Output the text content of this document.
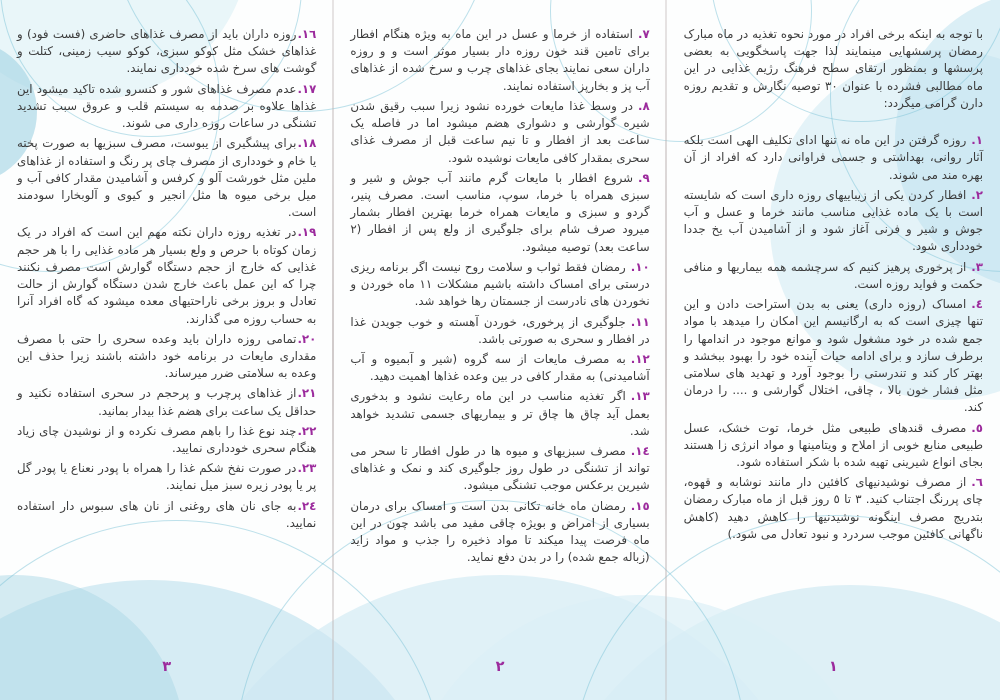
١٦.روزه داران باید از مصرف غذاهای حاضری (فست فود) و غذاهای خشک مثل کوکو سبزی، کوکو سیب زمینی، کتلت و گوشت های سرخ شده خودداری نمایند.

١٧.عدم مصرف غذاهای شور و کنسرو شده تاکید میشود این غذاها علاوه بر صدمه به سیستم قلب و عروق سبب تشدید تشنگی در ساعات روزه داری می شوند.

١٨.برای پیشگیری از یبوست، مصرف سبزیها به صورت پخته یا خام و خودداری از مصرف چای پر رنگ و استفاده از غذاهای ملین مثل خورشت آلو و کرفس و آشامیدن مقدار کافی آب و میل برخی میوه ها مثل انجیر و کیوی و آلوبخارا سودمند است.

١٩.در تغذیه روزه داران نکته مهم این است که افراد در یک زمان کوتاه با حرص و ولع بسیار هر ماده غذایی را با هر حجم غذایی که خارج از حجم دستگاه گوارش است مصرف نکنند چرا که این عمل باعث خارج شدن دستگاه گوارش از حالت تعادل و بروز برخی ناراحتیهای معده میشود که گاه افراد آنرا به حساب روزه می گذارند.

٢٠.تمامی روزه داران باید وعده سحری را حتی با مصرف مقداری مایعات در برنامه خود داشته باشند زیرا حذف این وعده به سلامتی ضرر میرساند.

٢١.از غذاهای پرچرب و پرحجم در سحری استفاده نکنید و حداقل یک ساعت برای هضم غذا بیدار بمانید.

٢٢.چند نوع غذا را باهم مصرف نکرده و از نوشیدن چای زیاد هنگام سحری خودداری نمایید.

٢٣.در صورت نفخ شکم غذا را همراه با پودر نعناع یا پودر گل پر یا پودر زیره سبز میل نمایند.

٢٤.به جای نان های روغنی از نان های سبوس دار استفاده نمایید.

٣

٧.استفاده از خرما و عسل در این ماه به ویژه هنگام افطار برای تامین قند خون روزه دار بسیار موثر است و و روزه داران سعی نمایند بجای غذاهای چرب و سرخ شده از غذاهای آب پز و بخارپز استفاده نمایند.

٨.در وسط غذا مایعات خورده نشود زیرا سبب رقیق شدن شیره گوارشی و دشواری هضم میشود اما در فاصله یک ساعت بعد از افطار و تا نیم ساعت قبل از مصرف غذای سحری بمقدار کافی مایعات نوشیده شود.

٩.شروع افطار با مایعات گرم مانند آب جوش و شیر و سبزی همراه با خرما، سوپ، مناسب است. مصرف پنیر، گردو و سبزی و مایعات همراه خرما بهترین افطار بشمار میرود صرف شام برای جلوگیری از ولع پس از افطار (٢ ساعت بعد) توصیه میشود.

١٠.رمضان فقط ثواب و سلامت روح نیست اگر برنامه ریزی درستی برای امساک داشته باشیم مشکلات ١١ ماه خوردن و نخوردن های نادرست از جسمتان رها خواهد شد.

١١.جلوگیری از پرخوری، خوردن آهسته و خوب جویدن غذا در افطار و سحری به صورتی باشد.

١٢.به مصرف مایعات از سه گروه (شیر و آبمیوه و آب آشامیدنی) به مقدار کافی در بین وعده غذاها اهمیت دهید.

١٣.اگر تغذیه مناسب در این ماه رعایت نشود و بدخوری بعمل آید چاق ها چاق تر و بیماریهای جسمی تشدید خواهد شد.

١٤.مصرف سبزیهای و میوه ها در طول افطار تا سحر می تواند از تشنگی در طول روز جلوگیری کند و نمک و غذاهای شیرین برعکس موجب تشنگی میشود.

١٥.رمضان ماه خانه تکانی بدن است و امساک برای درمان بسیاری از امراض و بویژه چاقی مفید می باشد چون در این ماه فرصت پیدا میکند تا مواد ذخیره را جذب و مواد زاید (زباله جمع شده) را در بدن دفع نماید.

٢

با توجه به اینکه برخی افراد در مورد نحوه تغذیه در ماه مبارک رمضان پرسشهایی مینمایند لذا جهت پاسخگویی به بعضی پرسشها و بمنظور ارتقای سطح فرهنگ رژیم غذایی در این ماه مطالبی فشرده با عنوان ٣٠ توصیه نگارش و تقدیم روزه دارن گرامی میگردد:

١.روزه گرفتن در این ماه نه تنها ادای تکلیف الهی است بلکه آثار روانی، بهداشتی و جسمی فراوانی دارد که افراد از آن بهره مند می شوند.

٢.افطار کردن یکی از زیباییهای روزه داری است که شایسته است با یک ماده غذایی مناسب مانند خرما و عسل و آب جوش و شیر و فرنی آغاز شود و از آشامیدن آب یخ جددا خودداری شود.

٣.از پرخوری پرهیز کنیم که سرچشمه همه بیماریها و منافی حکمت و فواید روزه است.

٤.امساک (روزه داری) یعنی به بدن استراحت دادن و این تنها چیزی است که به ارگانیسم این امکان را میدهد با مواد جمع شده در خود مشغول شود و موانع موجود در اندامها را برطرف سازد و برای ادامه حیات آینده خود را بهبود ببخشد و بهتر کار کند و تندرستی را بوجود آورد و تهدید های سلامتی مثل فشار خون بالا ، چاقی، اختلال گوارشی و .... را درمان کند.

٥.مصرف قندهای طبیعی مثل خرما، توت خشک، عسل طبیعی منابع خوبی از املاح و ویتامینها و مواد انرژی زا هستند بجای انواع شیرینی تهیه شده با شکر استفاده شود.

٦.از مصرف نوشیدنیهای کافئین دار مانند نوشابه و قهوه، چای پررنگ اجتناب کنید. ٣ تا ٥ روز قبل از ماه مبارک رمضان بتدریج مصرف اینگونه نوشیدنیها را کاهش دهید (کاهش ناگهانی کافئین موجب سردرد و نبود تعادل می شود.)

١
